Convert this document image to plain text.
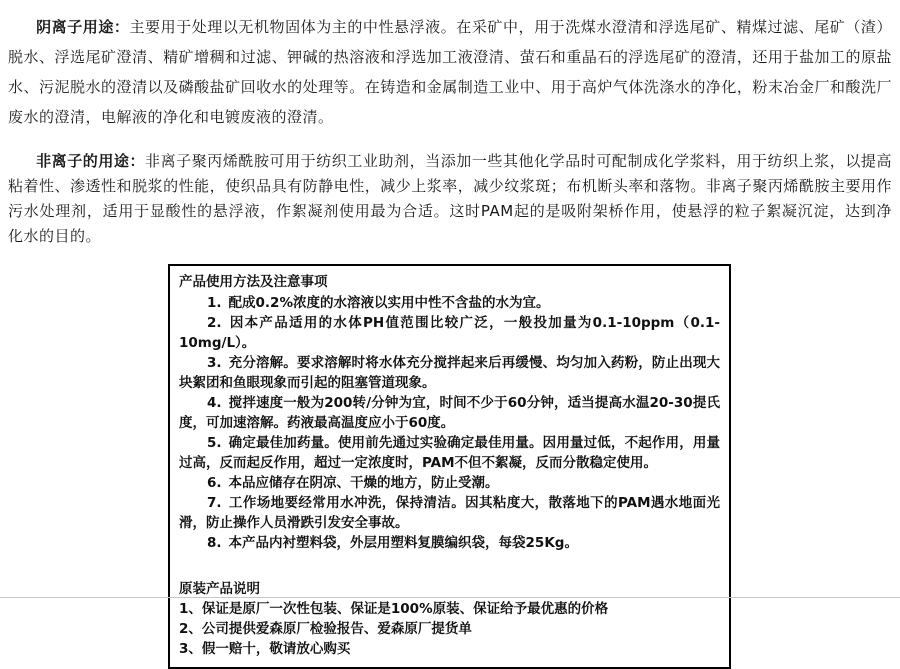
阴离子用途：主要用于处理以无机物固体为主的中性悬浮液。在采矿中，用于洗煤水澄清和浮选尾矿、精煤过滤、尾矿（渣）脱水、浮选尾矿澄清、精矿增稠和过滤、钾碱的热溶液和浮选加工液澄清、萤石和重晶石的浮选尾矿的澄清，还用于盐加工的原盐水、污泥脱水的澄清以及磷酸盐矿回收水的处理等。在铸造和金属制造工业中、用于高炉气体洗涤水的净化，粉末冶金厂和酸洗厂废水的澄清，电解液的净化和电镀废液的澄清。

非离子的用途：非离子聚丙烯酰胺可用于纺织工业助剂，当添加一些其他化学品时可配制成化学浆料，用于纺织上浆，以提高粘着性、渗透性和脱浆的性能，使织品具有防静电性，减少上浆率，减少纹浆斑；布机断头率和落物。非离子聚丙烯酰胺主要用作污水处理剂，适用于显酸性的悬浮液，作絮凝剂使用最为合适。这时PAM起的是吸附架桥作用，使悬浮的粒子絮凝沉淀，达到净化水的目的。

产品使用方法及注意事项
1. 配成0.2%浓度的水溶液以实用中性不含盐的水为宜。
2. 因本产品适用的水体PH值范围比较广泛，一般投加量为0.1-10ppm（0.1-10mg/L）。
3. 充分溶解。要求溶解时将水体充分搅拌起来后再缓慢、均匀加入药粉，防止出现大块絮团和鱼眼现象而引起的阻塞管道现象。
4. 搅拌速度一般为200转/分钟为宜，时间不少于60分钟，适当提高水温20-30提氏度，可加速溶解。药液最高温度应小于60度。
5. 确定最佳加药量。使用前先通过实验确定最佳用量。因用量过低，不起作用，用量过高，反而起反作用，超过一定浓度时，PAM不但不絮凝，反而分散稳定使用。
6. 本品应储存在阴凉、干燥的地方，防止受潮。
7. 工作场地要经常用水冲洗，保持清洁。因其粘度大，散落地下的PAM遇水地面光滑，防止操作人员滑跌引发安全事故。
8. 本产品内衬塑料袋，外层用塑料复膜编织袋，每袋25Kg。
原装产品说明
1、保证是原厂一次性包装、保证是100%原装、保证给予最优惠的价格
2、公司提供爱森原厂检验报告、爱森原厂提货单
3、假一赔十，敬请放心购买
